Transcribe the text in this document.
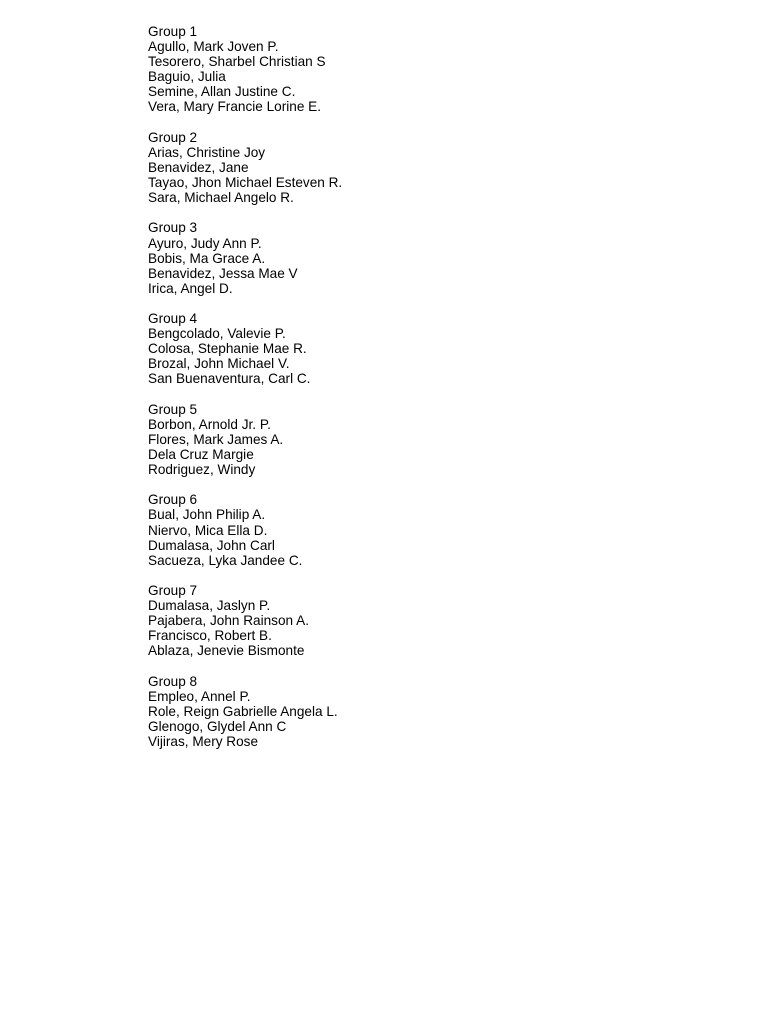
Group 1
Agullo, Mark Joven P.
Tesorero, Sharbel Christian S
Baguio, Julia
Semine, Allan Justine C.
Vera, Mary Francie Lorine E.
Group 2
Arias, Christine Joy
Benavidez, Jane
Tayao, Jhon Michael Esteven R.
Sara, Michael Angelo R.
Group 3
Ayuro, Judy Ann P.
Bobis, Ma Grace A.
Benavidez, Jessa Mae V
Irica, Angel D.
Group 4
Bengcolado, Valevie P.
Colosa, Stephanie Mae R.
Brozal, John Michael V.
San Buenaventura, Carl C.
Group 5
Borbon, Arnold Jr. P.
Flores, Mark James A.
Dela Cruz Margie
Rodriguez, Windy
Group 6
Bual, John Philip A.
Niervo, Mica Ella D.
Dumalasa, John Carl
Sacueza, Lyka Jandee C.
Group 7
Dumalasa, Jaslyn P.
Pajabera, John Rainson A.
Francisco, Robert B.
Ablaza, Jenevie Bismonte
Group 8
Empleo, Annel P.
Role, Reign Gabrielle Angela L.
Glenogo, Glydel Ann C
Vijiras, Mery Rose
